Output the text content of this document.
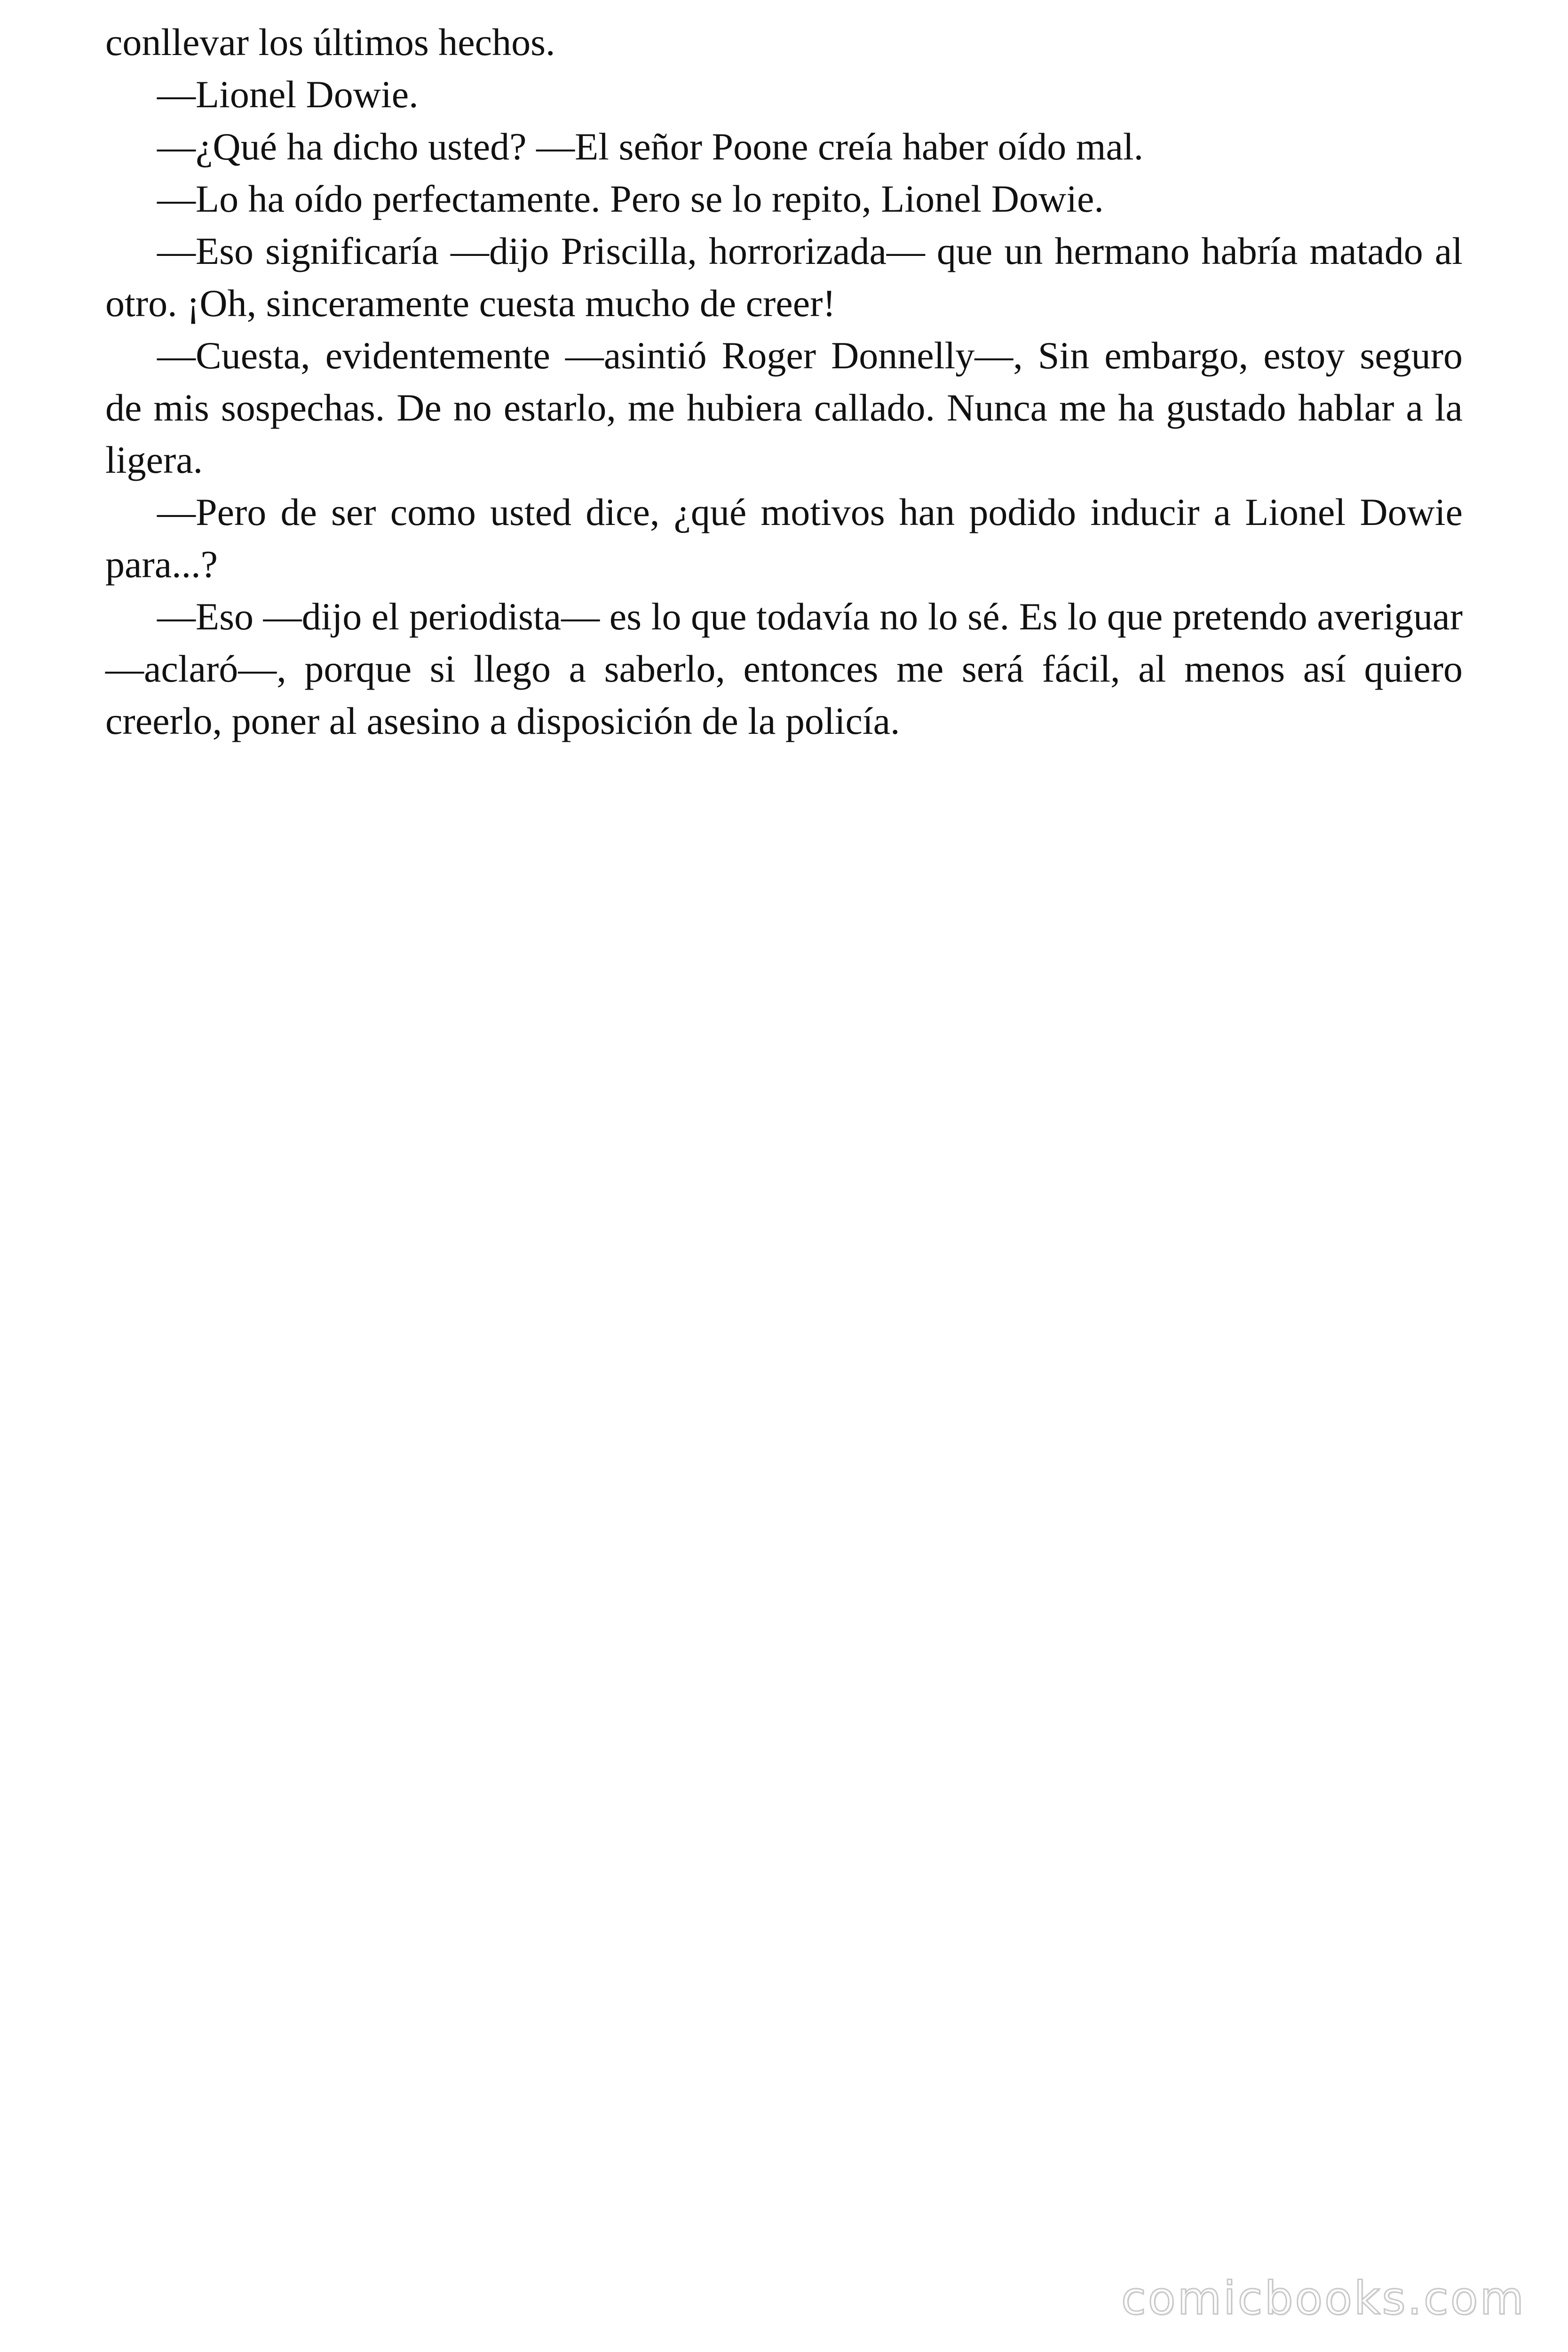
conllevar los últimos hechos.

—Lionel Dowie.

—¿Qué ha dicho usted? —El señor Poone creía haber oído mal.

—Lo ha oído perfectamente. Pero se lo repito, Lionel Dowie.

—Eso significaría —dijo Priscilla, horrorizada— que un hermano habría matado al otro. ¡Oh, sinceramente cuesta mucho de creer!

—Cuesta, evidentemente —asintió Roger Donnelly—, Sin embargo, estoy seguro de mis sospechas. De no estarlo, me hubiera callado. Nunca me ha gustado hablar a la ligera.

—Pero de ser como usted dice, ¿qué motivos han podido inducir a Lionel Dowie para...?

—Eso —dijo el periodista— es lo que todavía no lo sé. Es lo que pretendo averiguar —aclaró—, porque si llego a saberlo, entonces me será fácil, al menos así quiero creerlo, poner al asesino a disposición de la policía.

comicbooks.com
